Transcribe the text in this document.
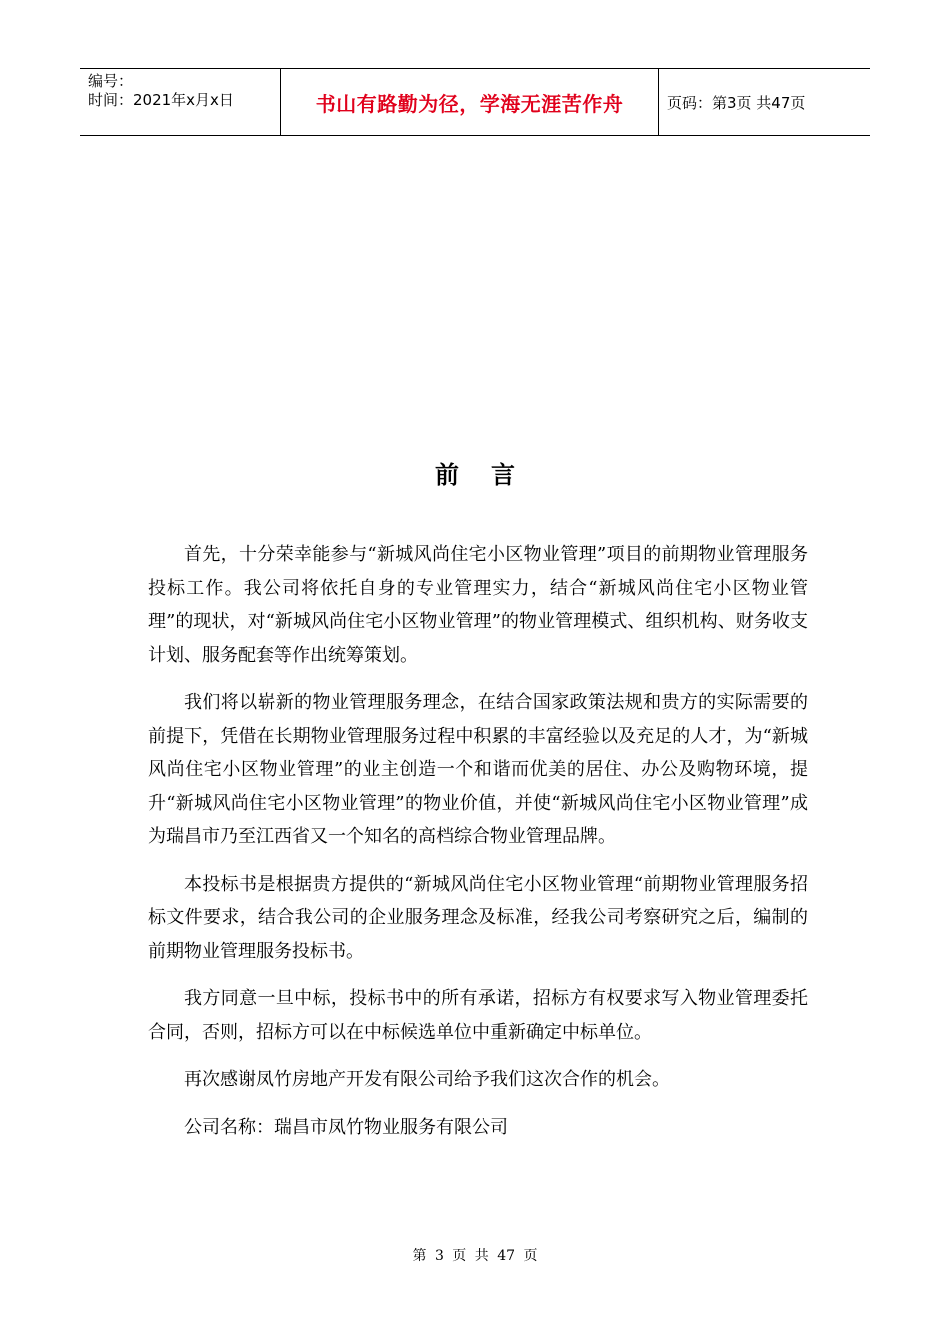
编号：
时间：2021年x月x日	书山有路勤为径，学海无涯苦作舟	页码：第3页 共47页
前言

首先，十分荣幸能参与“新城风尚住宅小区物业管理”项目的前期物业管理服务投标工作。我公司将依托自身的专业管理实力，结合“新城风尚住宅小区物业管理”的现状，对“新城风尚住宅小区物业管理”的物业管理模式、组织机构、财务收支计划、服务配套等作出统筹策划。

我们将以崭新的物业管理服务理念，在结合国家政策法规和贵方的实际需要的前提下，凭借在长期物业管理服务过程中积累的丰富经验以及充足的人才，为“新城风尚住宅小区物业管理”的业主创造一个和谐而优美的居住、办公及购物环境，提升“新城风尚住宅小区物业管理”的物业价值，并使“新城风尚住宅小区物业管理”成为瑞昌市乃至江西省又一个知名的高档综合物业管理品牌。

本投标书是根据贵方提供的“新城风尚住宅小区物业管理“前期物业管理服务招标文件要求，结合我公司的企业服务理念及标准，经我公司考察研究之后，编制的前期物业管理服务投标书。

我方同意一旦中标，投标书中的所有承诺，招标方有权要求写入物业管理委托合同，否则，招标方可以在中标候选单位中重新确定中标单位。

再次感谢凤竹房地产开发有限公司给予我们这次合作的机会。

公司名称：瑞昌市凤竹物业服务有限公司

第 3 页 共 47 页
